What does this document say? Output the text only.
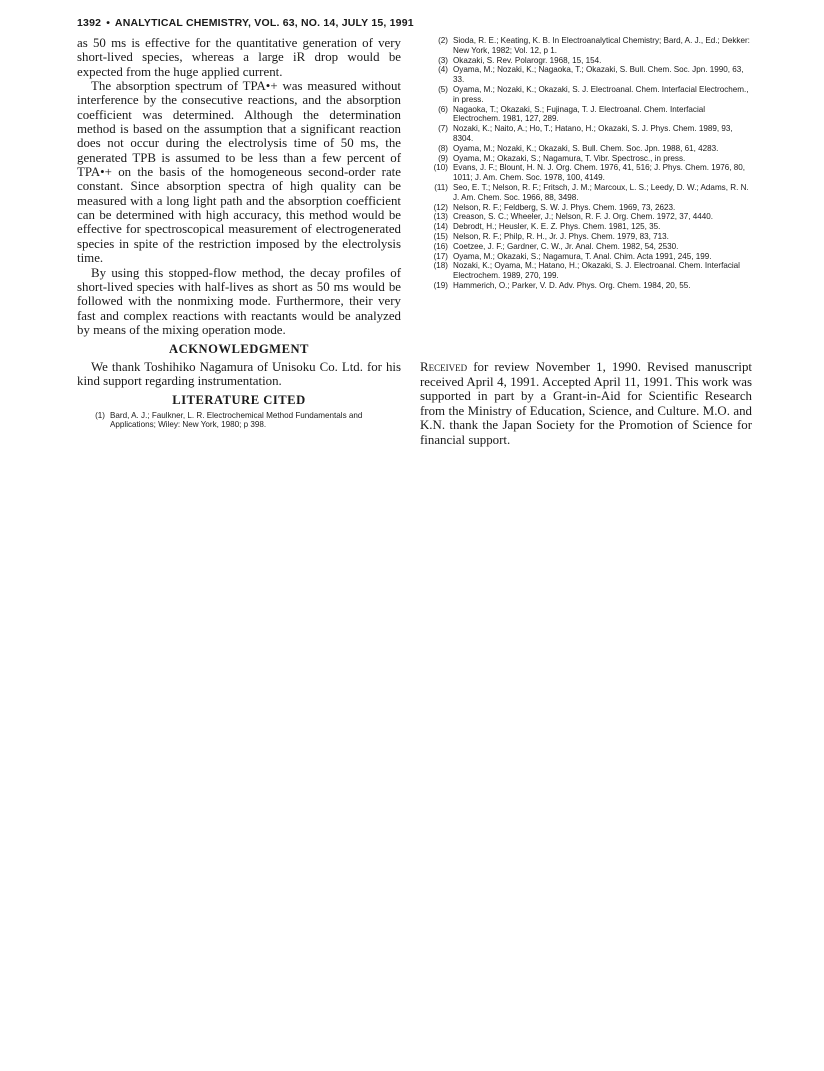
1392 • ANALYTICAL CHEMISTRY, VOL. 63, NO. 14, JULY 15, 1991

as 50 ms is effective for the quantitative generation of very short-lived species, whereas a large iR drop would be expected from the huge applied current.

The absorption spectrum of TPA•+ was measured without interference by the consecutive reactions, and the absorption coefficient was determined. Although the determination method is based on the assumption that a significant reaction does not occur during the electrolysis time of 50 ms, the generated TPB is assumed to be less than a few percent of TPA•+ on the basis of the homogeneous second-order rate constant. Since absorption spectra of high quality can be measured with a long light path and the absorption coefficient can be determined with high accuracy, this method would be effective for spectroscopical measurement of electrogenerated species in spite of the restriction imposed by the electrolysis time.

By using this stopped-flow method, the decay profiles of short-lived species with half-lives as short as 50 ms would be followed with the nonmixing mode. Furthermore, their very fast and complex reactions with reactants would be analyzed by means of the mixing operation mode.

ACKNOWLEDGMENT

We thank Toshihiko Nagamura of Unisoku Co. Ltd. for his kind support regarding instrumentation.

LITERATURE CITED
(1) Bard, A. J.; Faulkner, L. R. Electrochemical Method Fundamentals and Applications; Wiley: New York, 1980; p 398.
(2) Sioda, R. E.; Keating, K. B. In Electroanalytical Chemistry; Bard, A. J., Ed.; Dekker: New York, 1982; Vol. 12, p 1.
(3) Okazaki, S. Rev. Polarogr. 1968, 15, 154.
(4) Oyama, M.; Nozaki, K.; Nagaoka, T.; Okazaki, S. Bull. Chem. Soc. Jpn. 1990, 63, 33.
(5) Oyama, M.; Nozaki, K.; Okazaki, S. J. Electroanal. Chem. Interfacial Electrochem., in press.
(6) Nagaoka, T.; Okazaki, S.; Fujinaga, T. J. Electroanal. Chem. Interfacial Electrochem. 1981, 127, 289.
(7) Nozaki, K.; Naito, A.; Ho, T.; Hatano, H.; Okazaki, S. J. Phys. Chem. 1989, 93, 8304.
(8) Oyama, M.; Nozaki, K.; Okazaki, S. Bull. Chem. Soc. Jpn. 1988, 61, 4283.
(9) Oyama, M.; Okazaki, S.; Nagamura, T. Vibr. Spectrosc., in press.
(10) Evans, J. F.; Blount, H. N. J. Org. Chem. 1976, 41, 516; J. Phys. Chem. 1976, 80, 1011; J. Am. Chem. Soc. 1978, 100, 4149.
(11) Seo, E. T.; Nelson, R. F.; Fritsch, J. M.; Marcoux, L. S.; Leedy, D. W.; Adams, R. N. J. Am. Chem. Soc. 1966, 88, 3498.
(12) Nelson, R. F.; Feldberg, S. W. J. Phys. Chem. 1969, 73, 2623.
(13) Creason, S. C.; Wheeler, J.; Nelson, R. F. J. Org. Chem. 1972, 37, 4440.
(14) Debrodt, H.; Heusler, K. E. Z. Phys. Chem. 1981, 125, 35.
(15) Nelson, R. F.; Philp, R. H., Jr. J. Phys. Chem. 1979, 83, 713.
(16) Coetzee, J. F.; Gardner, C. W., Jr. Anal. Chem. 1982, 54, 2530.
(17) Oyama, M.; Okazaki, S.; Nagamura, T. Anal. Chim. Acta 1991, 245, 199.
(18) Nozaki, K.; Oyama, M.; Hatano, H.; Okazaki, S. J. Electroanal. Chem. Interfacial Electrochem. 1989, 270, 199.
(19) Hammerich, O.; Parker, V. D. Adv. Phys. Org. Chem. 1984, 20, 55.
Received for review November 1, 1990. Revised manuscript received April 4, 1991. Accepted April 11, 1991. This work was supported in part by a Grant-in-Aid for Scientific Research from the Ministry of Education, Science, and Culture. M.O. and K.N. thank the Japan Society for the Promotion of Science for financial support.
